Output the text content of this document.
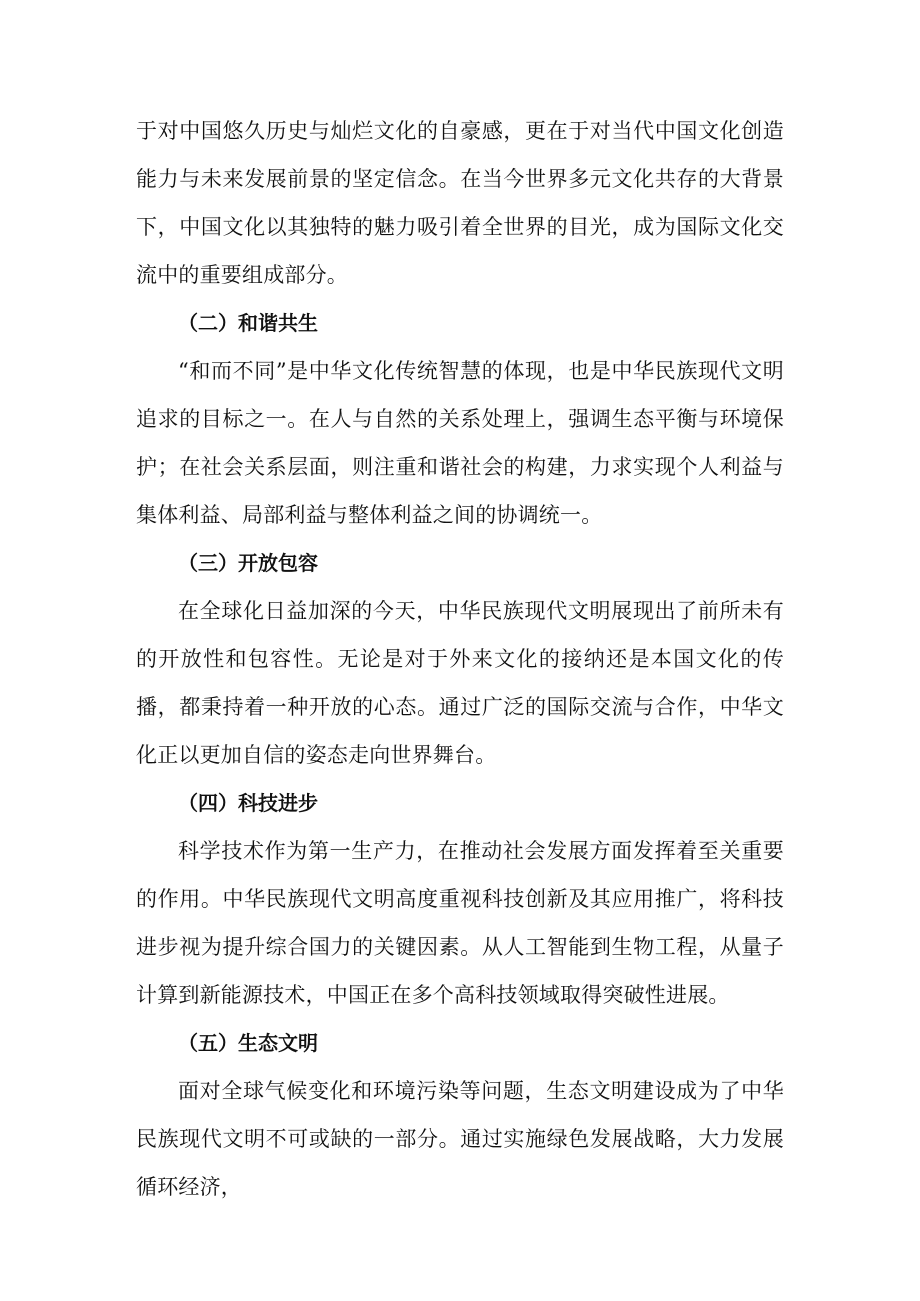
于对中国悠久历史与灿烂文化的自豪感，更在于对当代中国文化创造能力与未来发展前景的坚定信念。在当今世界多元文化共存的大背景下，中国文化以其独特的魅力吸引着全世界的目光，成为国际文化交流中的重要组成部分。

（二）和谐共生

“和而不同”是中华文化传统智慧的体现，也是中华民族现代文明追求的目标之一。在人与自然的关系处理上，强调生态平衡与环境保护；在社会关系层面，则注重和谐社会的构建，力求实现个人利益与集体利益、局部利益与整体利益之间的协调统一。

（三）开放包容

在全球化日益加深的今天，中华民族现代文明展现出了前所未有的开放性和包容性。无论是对于外来文化的接纳还是本国文化的传播，都秉持着一种开放的心态。通过广泛的国际交流与合作，中华文化正以更加自信的姿态走向世界舞台。

（四）科技进步

科学技术作为第一生产力，在推动社会发展方面发挥着至关重要的作用。中华民族现代文明高度重视科技创新及其应用推广，将科技进步视为提升综合国力的关键因素。从人工智能到生物工程，从量子计算到新能源技术，中国正在多个高科技领域取得突破性进展。

（五）生态文明

面对全球气候变化和环境污染等问题，生态文明建设成为了中华民族现代文明不可或缺的一部分。通过实施绿色发展战略，大力发展循环经济，
